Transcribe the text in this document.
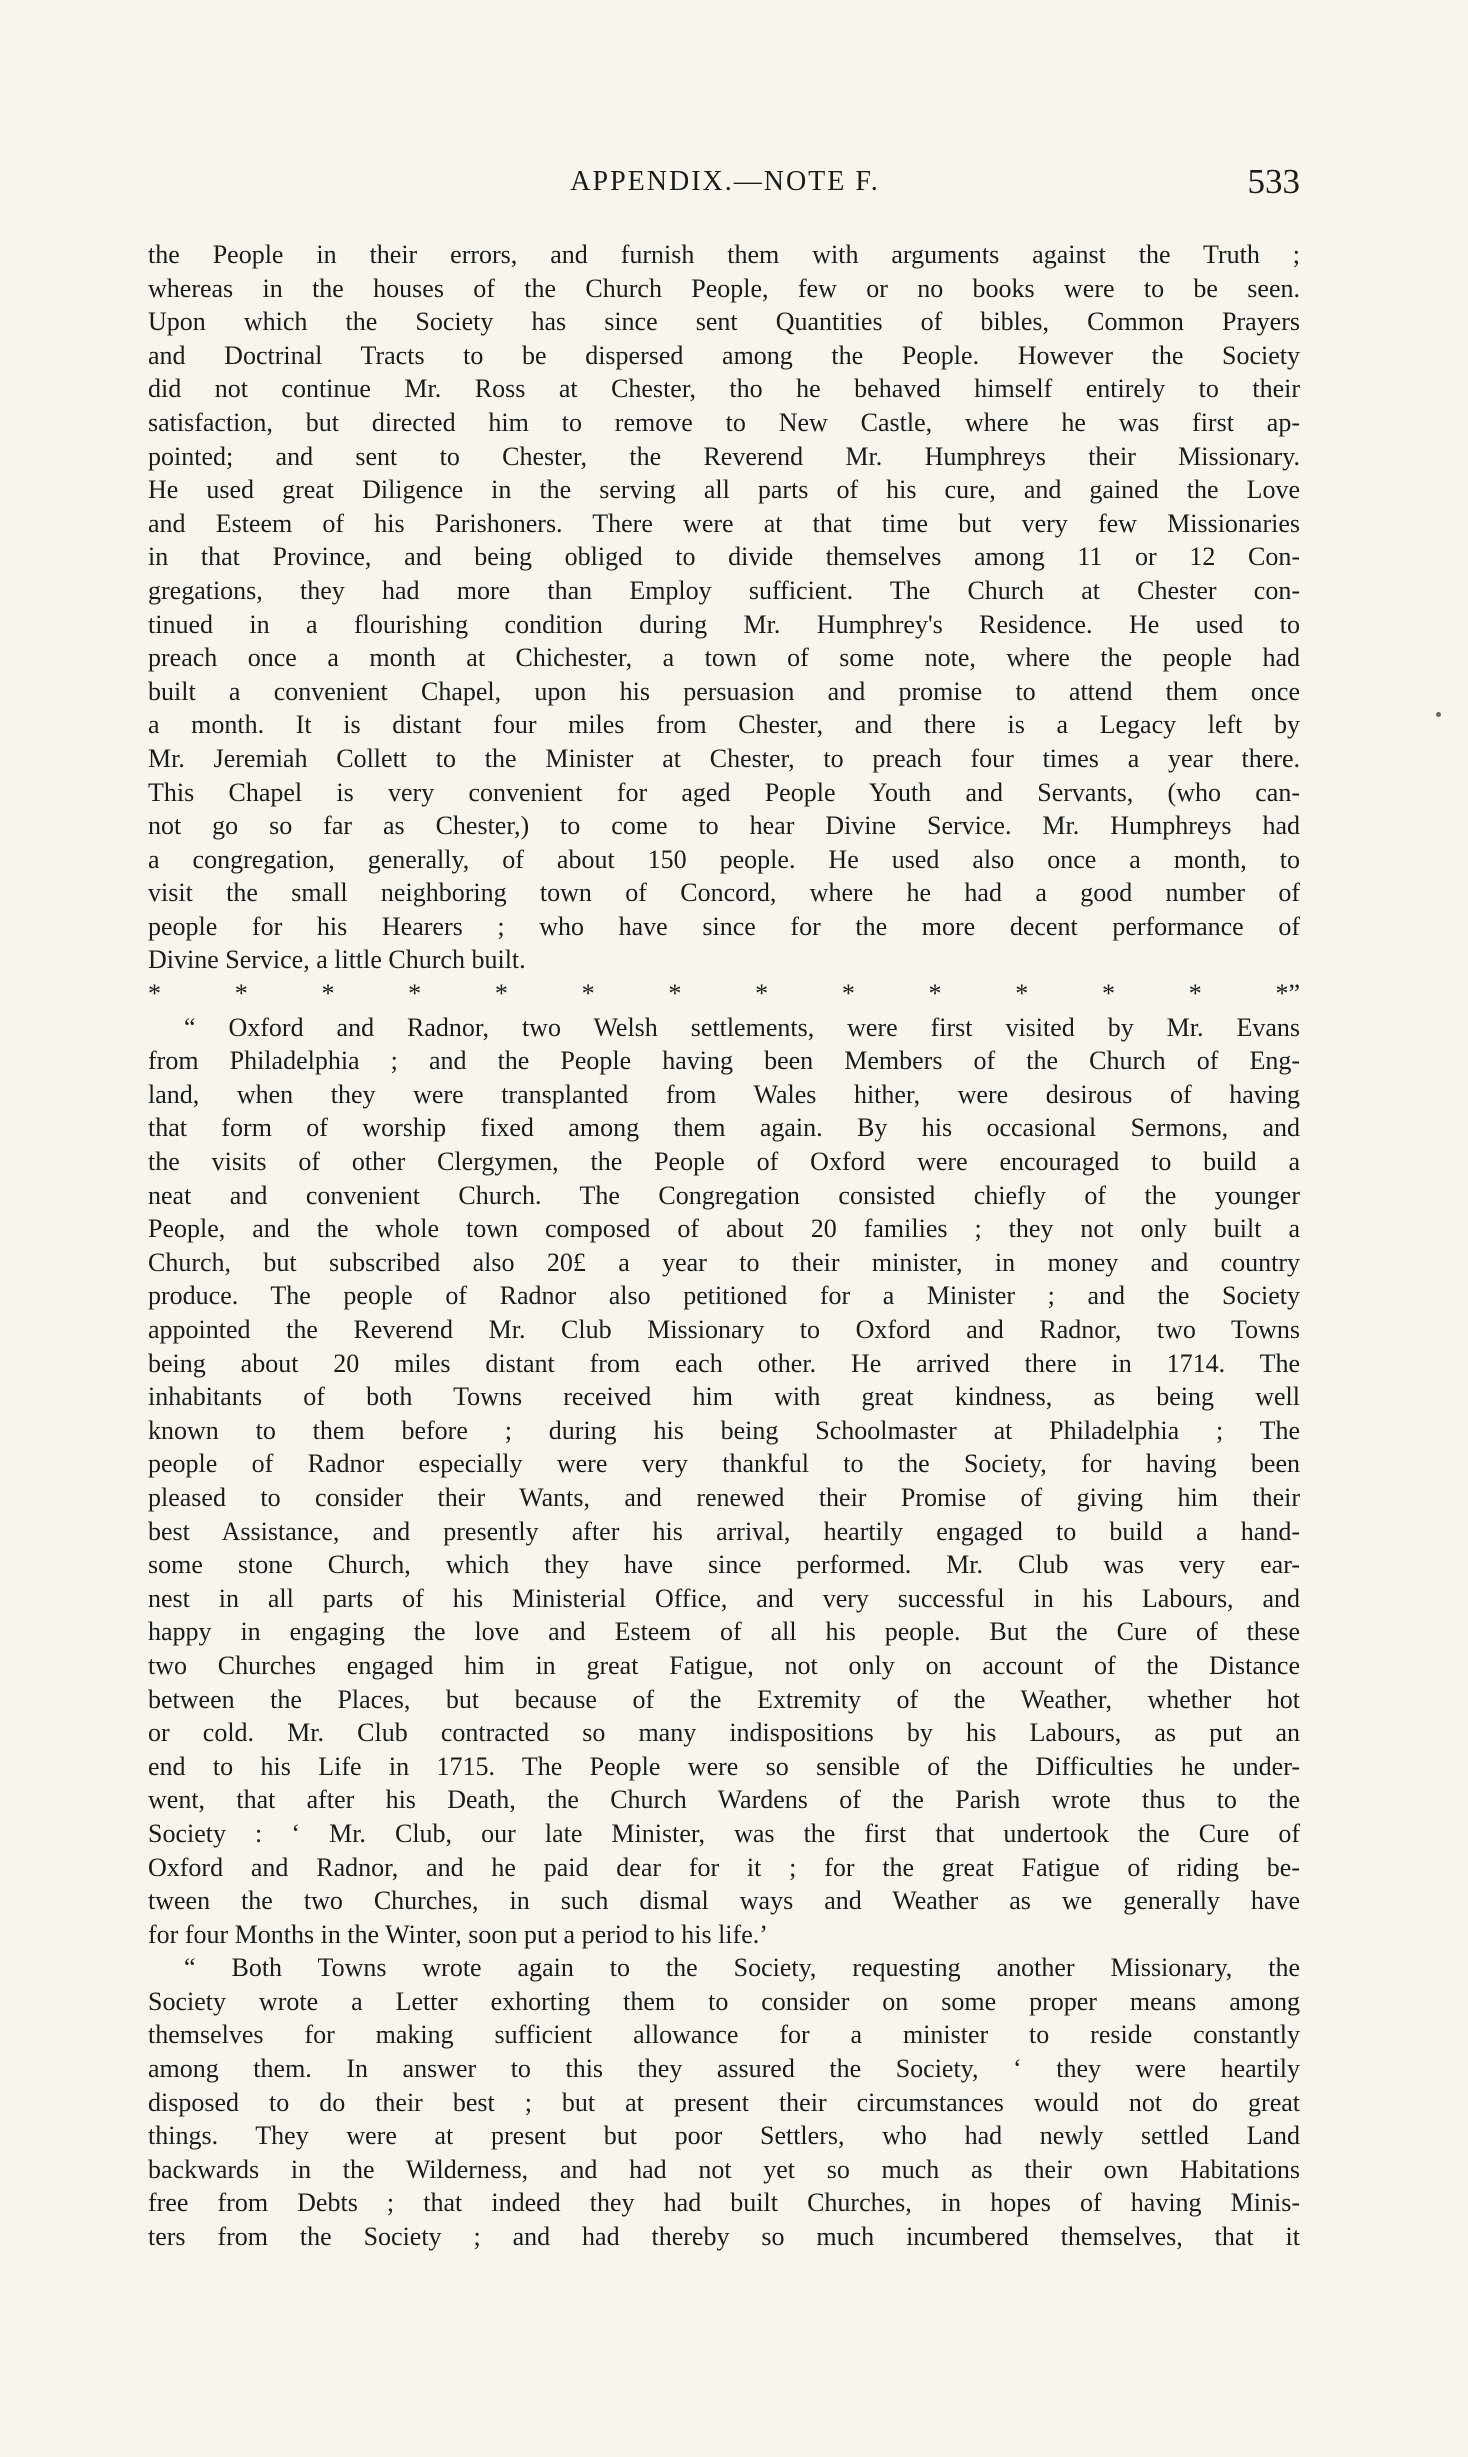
APPENDIX.—NOTE F.	533
the People in their errors, and furnish them with arguments against the Truth ;
whereas in the houses of the Church People, few or no books were to be seen.
Upon which the Society has since sent Quantities of bibles, Common Prayers
and Doctrinal Tracts to be dispersed among the People. However the Society
did not continue Mr. Ross at Chester, tho he behaved himself entirely to their
satisfaction, but directed him to remove to New Castle, where he was first ap-
pointed; and sent to Chester, the Reverend Mr. Humphreys their Missionary.
He used great Diligence in the serving all parts of his cure, and gained the Love
and Esteem of his Parishoners. There were at that time but very few Missionaries
in that Province, and being obliged to divide themselves among 11 or 12 Con-
gregations, they had more than Employ sufficient. The Church at Chester con-
tinued in a flourishing condition during Mr. Humphrey's Residence. He used to
preach once a month at Chichester, a town of some note, where the people had
built a convenient Chapel, upon his persuasion and promise to attend them once
a month. It is distant four miles from Chester, and there is a Legacy left by
Mr. Jeremiah Collett to the Minister at Chester, to preach four times a year there.
This Chapel is very convenient for aged People Youth and Servants, (who can-
not go so far as Chester,) to come to hear Divine Service. Mr. Humphreys had
a congregation, generally, of about 150 people. He used also once a month, to
visit the small neighboring town of Concord, where he had a good number of
people for his Hearers ; who have since for the more decent performance of
Divine Service, a little Church built.
* * * * * * * * * * * * * *”
“ Oxford and Radnor, two Welsh settlements, were first visited by Mr. Evans
from Philadelphia ; and the People having been Members of the Church of Eng-
land, when they were transplanted from Wales hither, were desirous of having
that form of worship fixed among them again. By his occasional Sermons, and
the visits of other Clergymen, the People of Oxford were encouraged to build a
neat and convenient Church. The Congregation consisted chiefly of the younger
People, and the whole town composed of about 20 families ; they not only built a
Church, but subscribed also 20£ a year to their minister, in money and country
produce. The people of Radnor also petitioned for a Minister ; and the Society
appointed the Reverend Mr. Club Missionary to Oxford and Radnor, two Towns
being about 20 miles distant from each other. He arrived there in 1714. The
inhabitants of both Towns received him with great kindness, as being well
known to them before ; during his being Schoolmaster at Philadelphia ; The
people of Radnor especially were very thankful to the Society, for having been
pleased to consider their Wants, and renewed their Promise of giving him their
best Assistance, and presently after his arrival, heartily engaged to build a hand-
some stone Church, which they have since performed. Mr. Club was very ear-
nest in all parts of his Ministerial Office, and very successful in his Labours, and
happy in engaging the love and Esteem of all his people. But the Cure of these
two Churches engaged him in great Fatigue, not only on account of the Distance
between the Places, but because of the Extremity of the Weather, whether hot
or cold. Mr. Club contracted so many indispositions by his Labours, as put an
end to his Life in 1715. The People were so sensible of the Difficulties he under-
went, that after his Death, the Church Wardens of the Parish wrote thus to the
Society : ‘ Mr. Club, our late Minister, was the first that undertook the Cure of
Oxford and Radnor, and he paid dear for it ; for the great Fatigue of riding be-
tween the two Churches, in such dismal ways and Weather as we generally have
for four Months in the Winter, soon put a period to his life.’
“ Both Towns wrote again to the Society, requesting another Missionary, the
Society wrote a Letter exhorting them to consider on some proper means among
themselves for making sufficient allowance for a minister to reside constantly
among them. In answer to this they assured the Society, ‘ they were heartily
disposed to do their best ; but at present their circumstances would not do great
things. They were at present but poor Settlers, who had newly settled Land
backwards in the Wilderness, and had not yet so much as their own Habitations
free from Debts ; that indeed they had built Churches, in hopes of having Minis-
ters from the Society ; and had thereby so much incumbered themselves, that it
